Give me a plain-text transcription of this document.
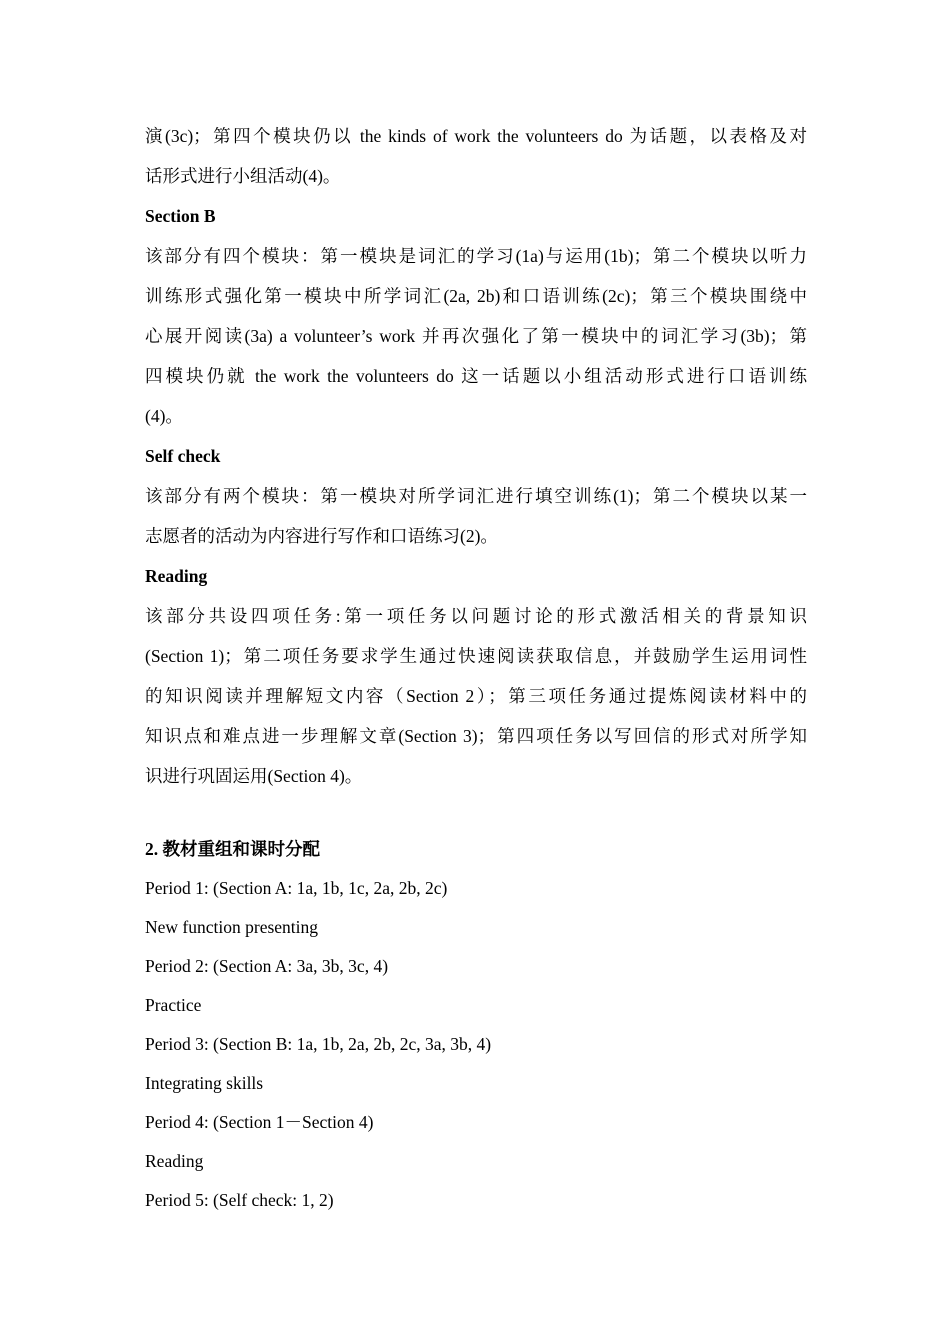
演(3c)；第四个模块仍以 the kinds of work the volunteers do 为话题，以表格及对
话形式进行小组活动(4)。
Section B
该部分有四个模块：第一模块是词汇的学习(1a)与运用(1b)；第二个模块以听力
训练形式强化第一模块中所学词汇(2a, 2b)和口语训练(2c)；第三个模块围绕中
心展开阅读(3a) a volunteer’s work 并再次强化了第一模块中的词汇学习(3b)；第
四模块仍就 the work the volunteers do 这一话题以小组活动形式进行口语训练
(4)。
Self check
该部分有两个模块：第一模块对所学词汇进行填空训练(1)；第二个模块以某一
志愿者的活动为内容进行写作和口语练习(2)。
Reading
该部分共设四项任务:第一项任务以问题讨论的形式激活相关的背景知识
(Section 1)；第二项任务要求学生通过快速阅读获取信息，并鼓励学生运用词性
的知识阅读并理解短文内容（Section 2）；第三项任务通过提炼阅读材料中的
知识点和难点进一步理解文章(Section 3)；第四项任务以写回信的形式对所学知
识进行巩固运用(Section 4)。
2. 教材重组和课时分配
Period 1: (Section A: 1a, 1b, 1c, 2a, 2b, 2c)
New function presenting
Period 2: (Section A: 3a, 3b, 3c, 4)
Practice
Period 3: (Section B: 1a, 1b, 2a, 2b, 2c, 3a, 3b, 4)
Integrating skills
Period 4: (Section 1－Section 4)
Reading
Period 5: (Self check: 1, 2)
